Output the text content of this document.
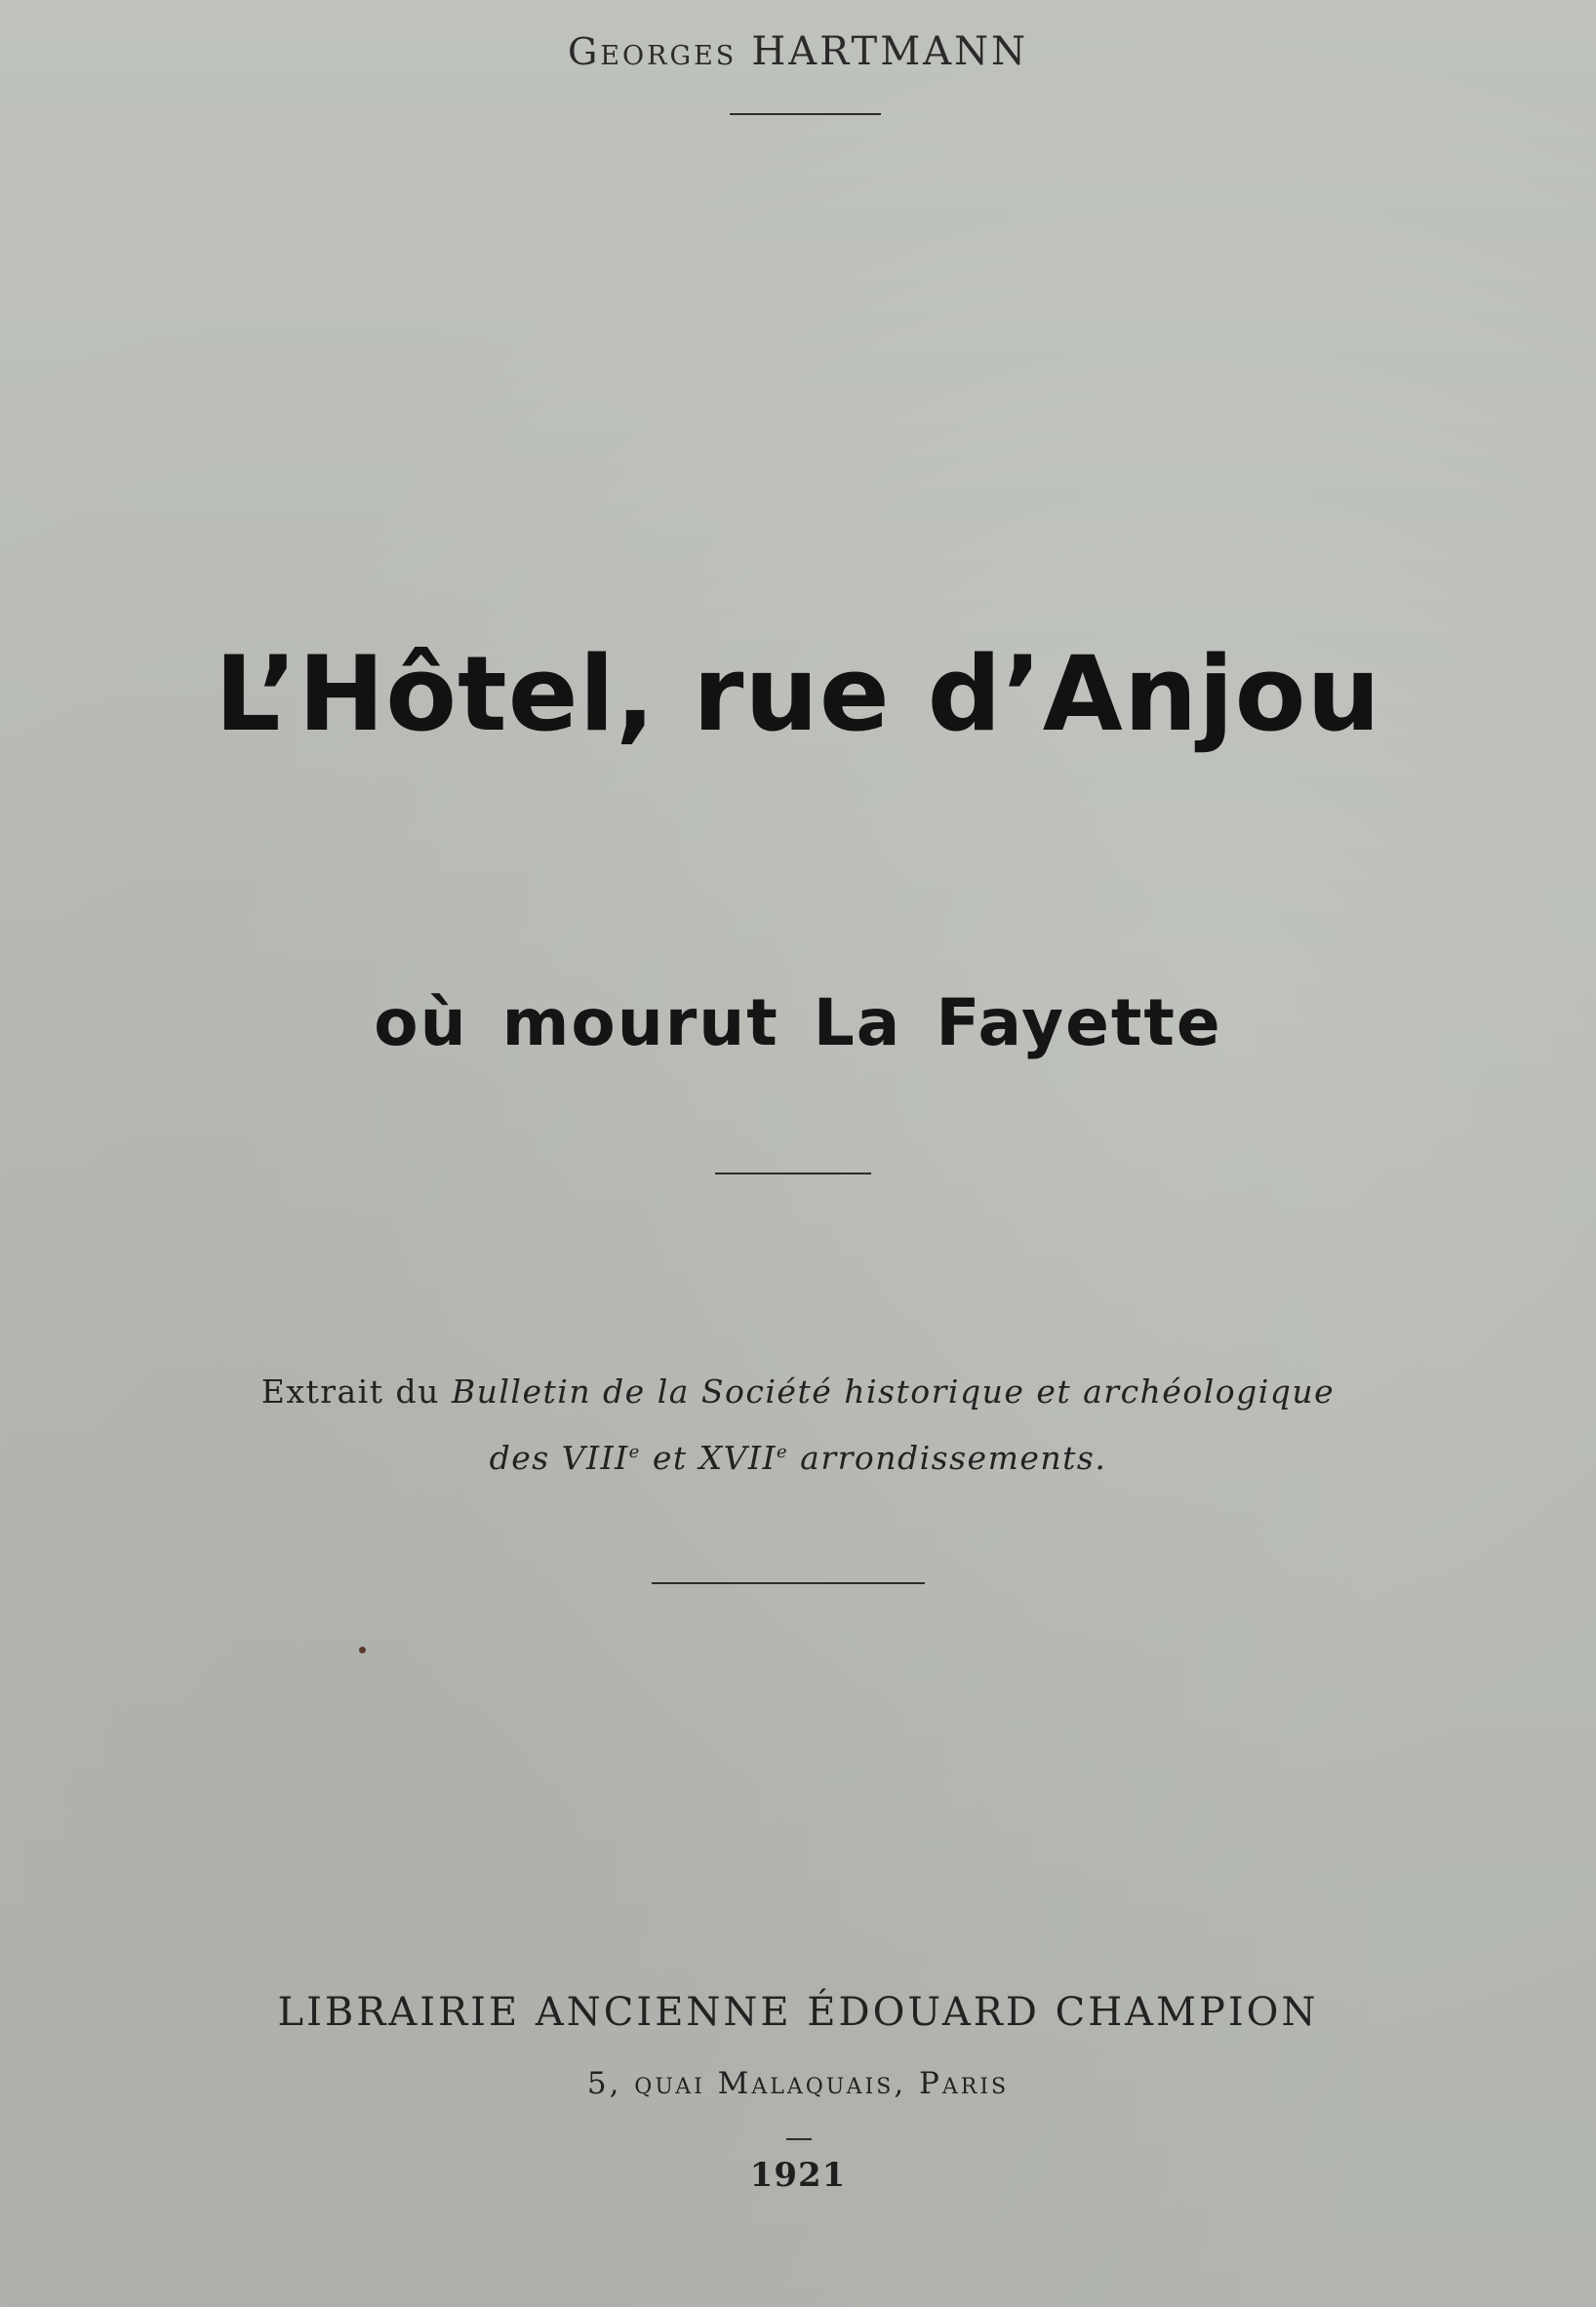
Georges HARTMANN
L’Hôtel, rue d’Anjou
où mourut La Fayette
Extrait du Bulletin de la Société historique et archéologique
des VIIIe et XVIIe arrondissements.
LIBRAIRIE ANCIENNE ÉDOUARD CHAMPION
5, quai Malaquais, Paris
1921
